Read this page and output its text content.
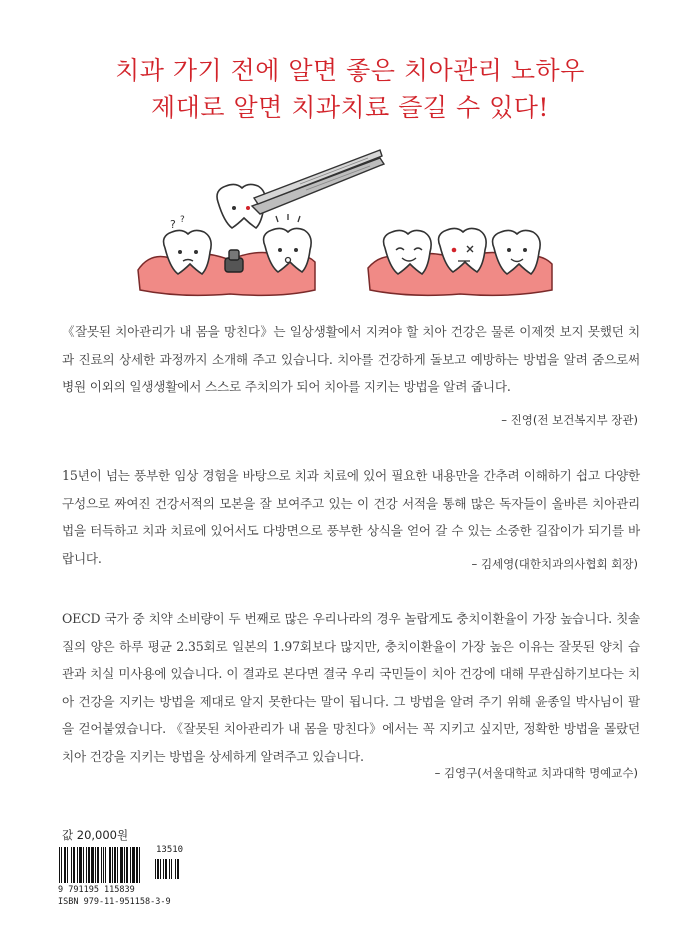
치과 가기 전에 알면 좋은 치아관리 노하우
제대로 알면 치과치료 즐길 수 있다!
? ?

《잘못된 치아관리가 내 몸을 망친다》는 일상생활에서 지켜야 할 치아 건강은 물론 이제껏 보지 못했던 치과 진료의 상세한 과정까지 소개해 주고 있습니다. 치아를 건강하게 돌보고 예방하는 방법을 알려 줌으로써 병원 이외의 일생생활에서 스스로 주치의가 되어 치아를 지키는 방법을 알려 줍니다.

– 진영(전 보건복지부 장관)

15년이 넘는 풍부한 임상 경험을 바탕으로 치과 치료에 있어 필요한 내용만을 간추려 이해하기 쉽고 다양한 구성으로 짜여진 건강서적의 모본을 잘 보여주고 있는 이 건강 서적을 통해 많은 독자들이 올바른 치아관리법을 터득하고 치과 치료에 있어서도 다방면으로 풍부한 상식을 얻어 갈 수 있는 소중한 길잡이가 되기를 바랍니다.	– 김세영(대한치과의사협회 회장)

OECD 국가 중 치약 소비량이 두 번째로 많은 우리나라의 경우 놀랍게도 충치이환율이 가장 높습니다. 칫솔질의 양은 하루 평균 2.35회로 일본의 1.97회보다 많지만, 충치이환율이 가장 높은 이유는 잘못된 양치 습관과 치실 미사용에 있습니다. 이 결과로 본다면 결국 우리 국민들이 치아 건강에 대해 무관심하기보다는 치아 건강을 지키는 방법을 제대로 알지 못한다는 말이 됩니다. 그 방법을 알려 주기 위해 윤종일 박사님이 팔을 걷어붙였습니다. 《잘못된 치아관리가 내 몸을 망친다》에서는 꼭 지키고 싶지만, 정확한 방법을 몰랐던 치아 건강을 지키는 방법을 상세하게 알려주고 있습니다.

– 김영구(서울대학교 치과대학 명예교수)
값 20,000원
13510
9 791195 115839
ISBN 979-11-951158-3-9
